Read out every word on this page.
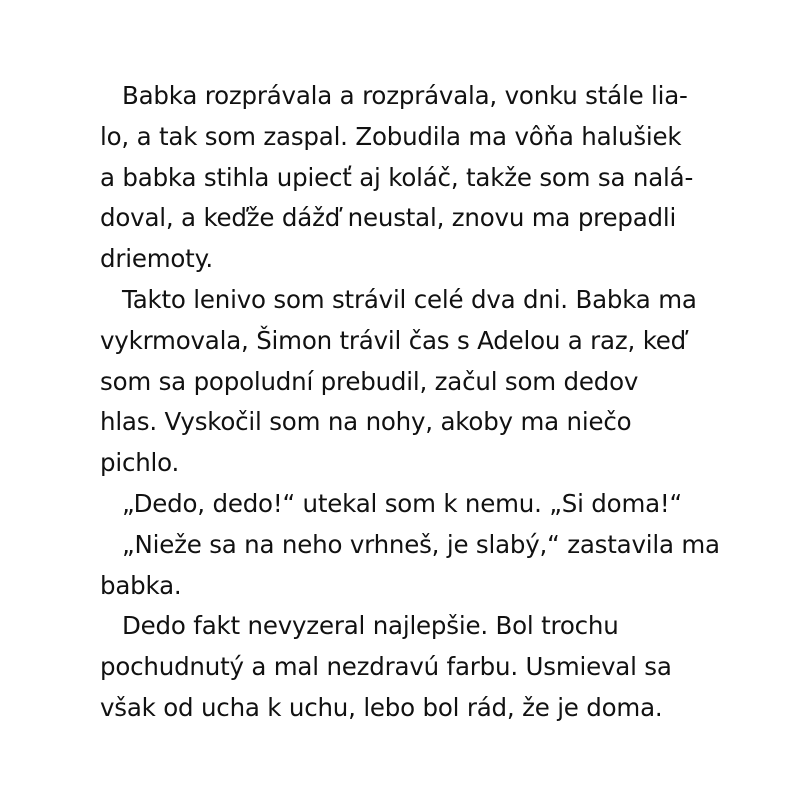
Babka rozprávala a rozprávala, vonku stále lia-
lo, a tak som zaspal. Zobudila ma vôňa halušiek
a babka stihla upiecť aj koláč, takže som sa nalá-
doval, a keďže dážď neustal, znovu ma prepadli
driemoty.
Takto lenivo som strávil celé dva dni. Babka ma
vykrmovala, Šimon trávil čas s Adelou a raz, keď
som sa popoludní prebudil, začul som dedov
hlas. Vyskočil som na nohy, akoby ma niečo
pichlo.
„Dedo, dedo!“ utekal som k nemu. „Si doma!“
„Nieže sa na neho vrhneš, je slabý,“ zastavila ma
babka.
Dedo fakt nevyzeral najlepšie. Bol trochu
pochudnutý a mal nezdravú farbu. Usmieval sa
však od ucha k uchu, lebo bol rád, že je doma.
